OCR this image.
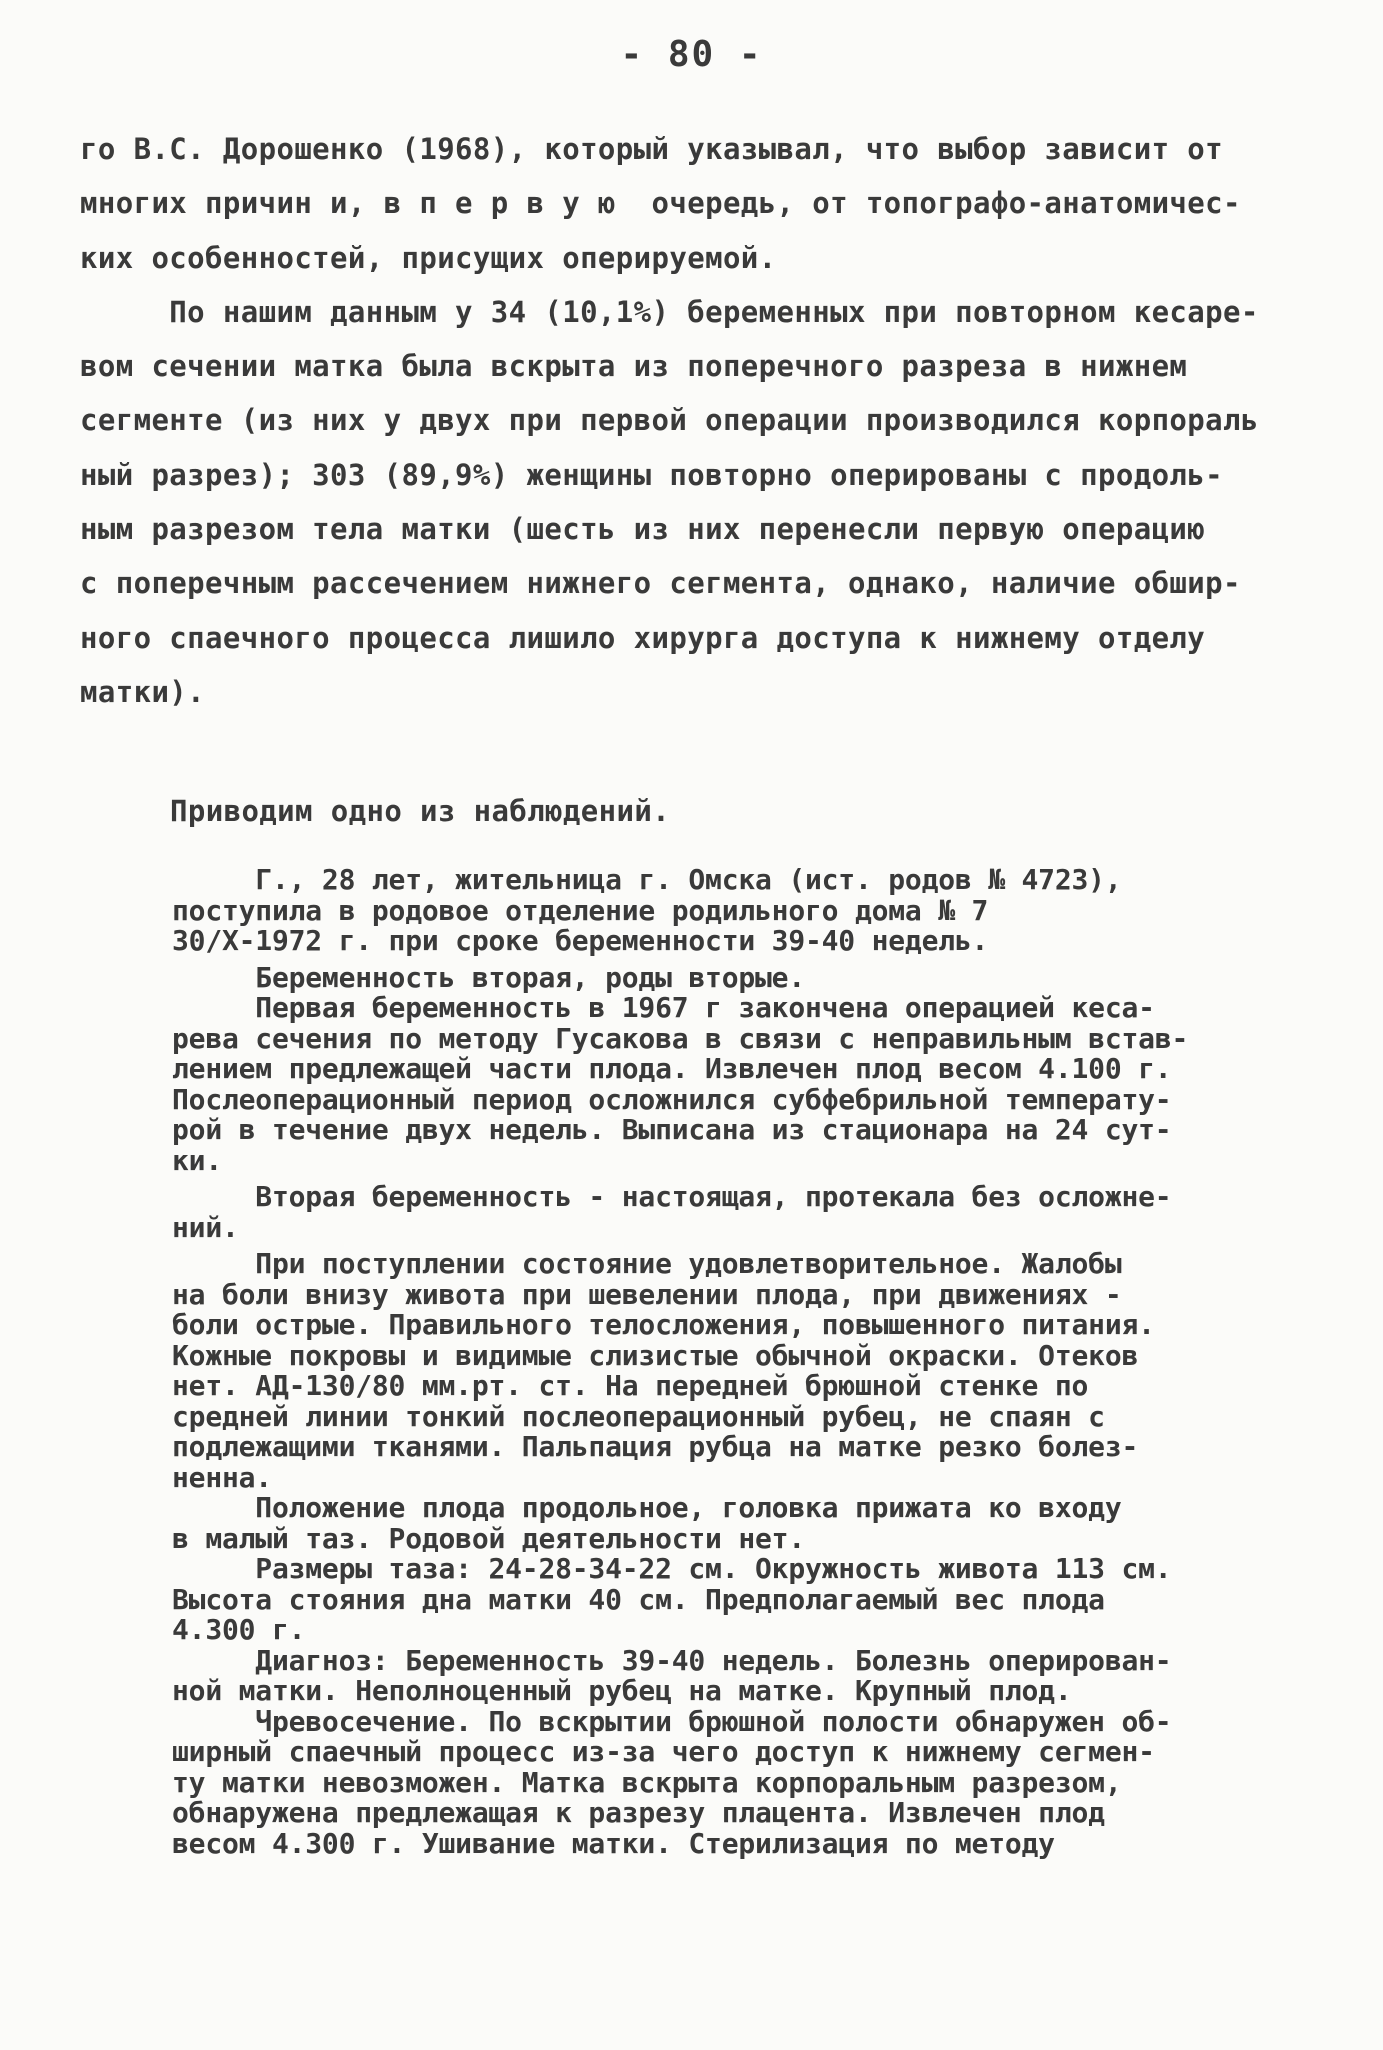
- 80 -

го В.С. Дорошенко (1968), который указывал, что выбор зависит от

многих причин и, в п е р в у ю  очередь, от топографо-анатомичес-

ких особенностей, присущих оперируемой.

По нашим данным у 34 (10,1%) беременных при повторном кесаре-

вом сечении матка была вскрыта из поперечного разреза в нижнем

сегменте (из них у двух при первой операции производился корпораль

ный разрез); 303 (89,9%) женщины повторно оперированы с продоль-

ным разрезом тела матки (шесть из них перенесли первую операцию

с поперечным рассечением нижнего сегмента, однако, наличие обшир-

ного спаечного процесса лишило хирурга доступа к нижнему отделу

матки).

Приводим одно из наблюдений.

Г., 28 лет, жительница г. Омска (ист. родов № 4723),

поступила в родовое отделение родильного дома № 7

30/X-1972 г. при сроке беременности 39-40 недель.

Беременность вторая, роды вторые.

Первая беременность в 1967 г закончена операцией кеса-

рева сечения по методу Гусакова в связи с неправильным встав-

лением предлежащей части плода. Извлечен плод весом 4.100 г.

Послеоперационный период осложнился субфебрильной температу-

рой в течение двух недель. Выписана из стационара на 24 сут-

ки.

Вторая беременность - настоящая, протекала без осложне-

ний.

При поступлении состояние удовлетворительное. Жалобы

на боли внизу живота при шевелении плода, при движениях -

боли острые. Правильного телосложения, повышенного питания.

Кожные покровы и видимые слизистые обычной окраски. Отеков

нет. АД-130/80 мм.рт. ст. На передней брюшной стенке по

средней линии тонкий послеоперационный рубец, не спаян с

подлежащими тканями. Пальпация рубца на матке резко болез-

ненна.

Положение плода продольное, головка прижата ко входу

в малый таз. Родовой деятельности нет.

Размеры таза: 24-28-34-22 см. Окружность живота 113 см.

Высота стояния дна матки 40 см. Предполагаемый вес плода

4.300 г.

Диагноз: Беременность 39-40 недель. Болезнь оперирован-

ной матки. Неполноценный рубец на матке. Крупный плод.

Чревосечение. По вскрытии брюшной полости обнаружен об-

ширный спаечный процесс из-за чего доступ к нижнему сегмен-

ту матки невозможен. Матка вскрыта корпоральным разрезом,

обнаружена предлежащая к разрезу плацента. Извлечен плод

весом 4.300 г. Ушивание матки. Стерилизация по методу
